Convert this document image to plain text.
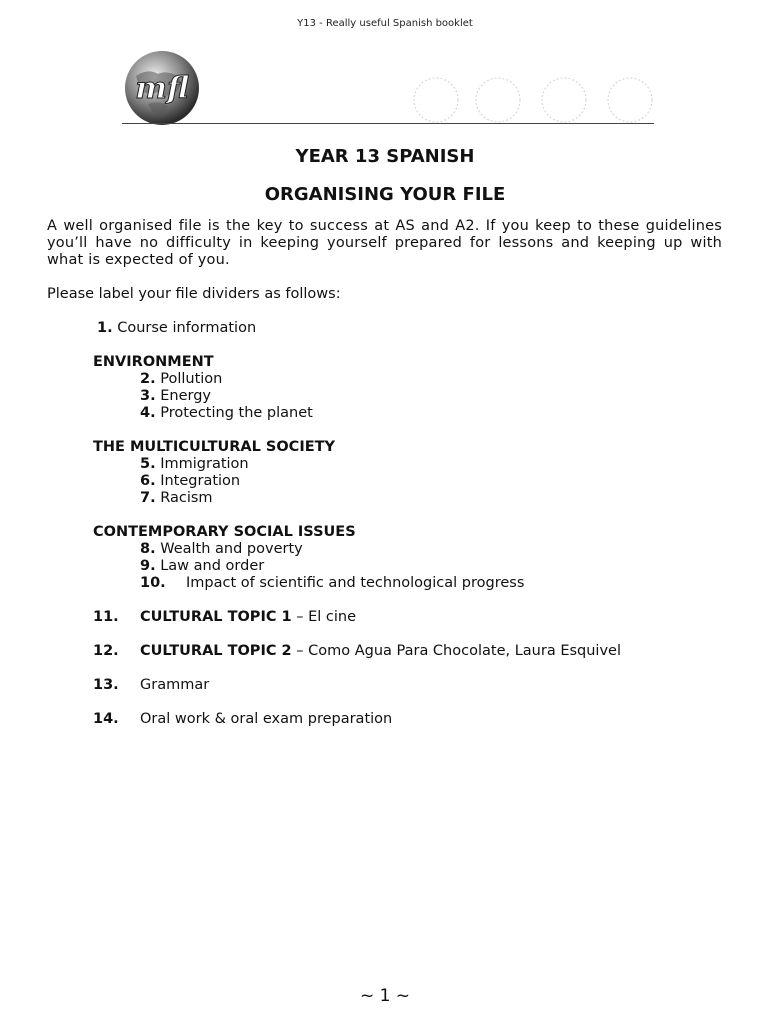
Y13 - Really useful Spanish booklet
mfl
YEAR 13 SPANISH
ORGANISING YOUR FILE
A well organised file is the key to success at AS and A2. If you keep to these guidelines you’ll have no difficulty in keeping yourself prepared for lessons and keeping up with what is expected of you.
Please label your file dividers as follows:
1. Course information
ENVIRONMENT
2. Pollution
3. Energy
4. Protecting the planet
THE MULTICULTURAL SOCIETY
5. Immigration
6. Integration
7. Racism
CONTEMPORARY SOCIAL ISSUES
8. Wealth and poverty
9. Law and order
10. Impact of scientific and technological progress
11. CULTURAL TOPIC 1 – El cine
12. CULTURAL TOPIC 2 – Como Agua Para Chocolate, Laura Esquivel
13. Grammar
14. Oral work & oral exam preparation
~ 1 ~
